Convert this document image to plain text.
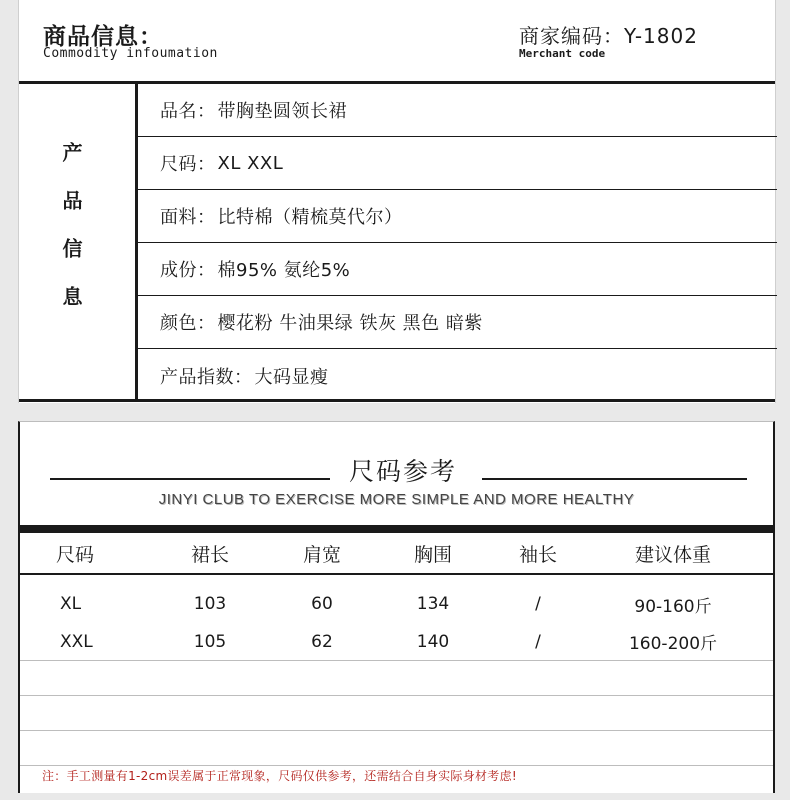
商品信息：
Commodity infoumation
商家编码：Y-1802
Merchant code
产品信息
品名： 带胸垫圆领长裙
尺码： XL XXL
面料： 比特棉（精梳莫代尔）
成份： 棉95% 氨纶5%
颜色： 樱花粉 牛油果绿 铁灰 黑色 暗紫
产品指数： 大码显瘦
尺码参考
JINYI CLUB TO EXERCISE MORE SIMPLE AND MORE HEALTHY
尺码	裙长	肩宽	胸围	袖长	建议体重
XL	103	60	134	/	90-160斤
XXL	105	62	140	/	160-200斤
注：手工测量有1-2cm误差属于正常现象，尺码仅供参考，还需结合自身实际身材考虑!
